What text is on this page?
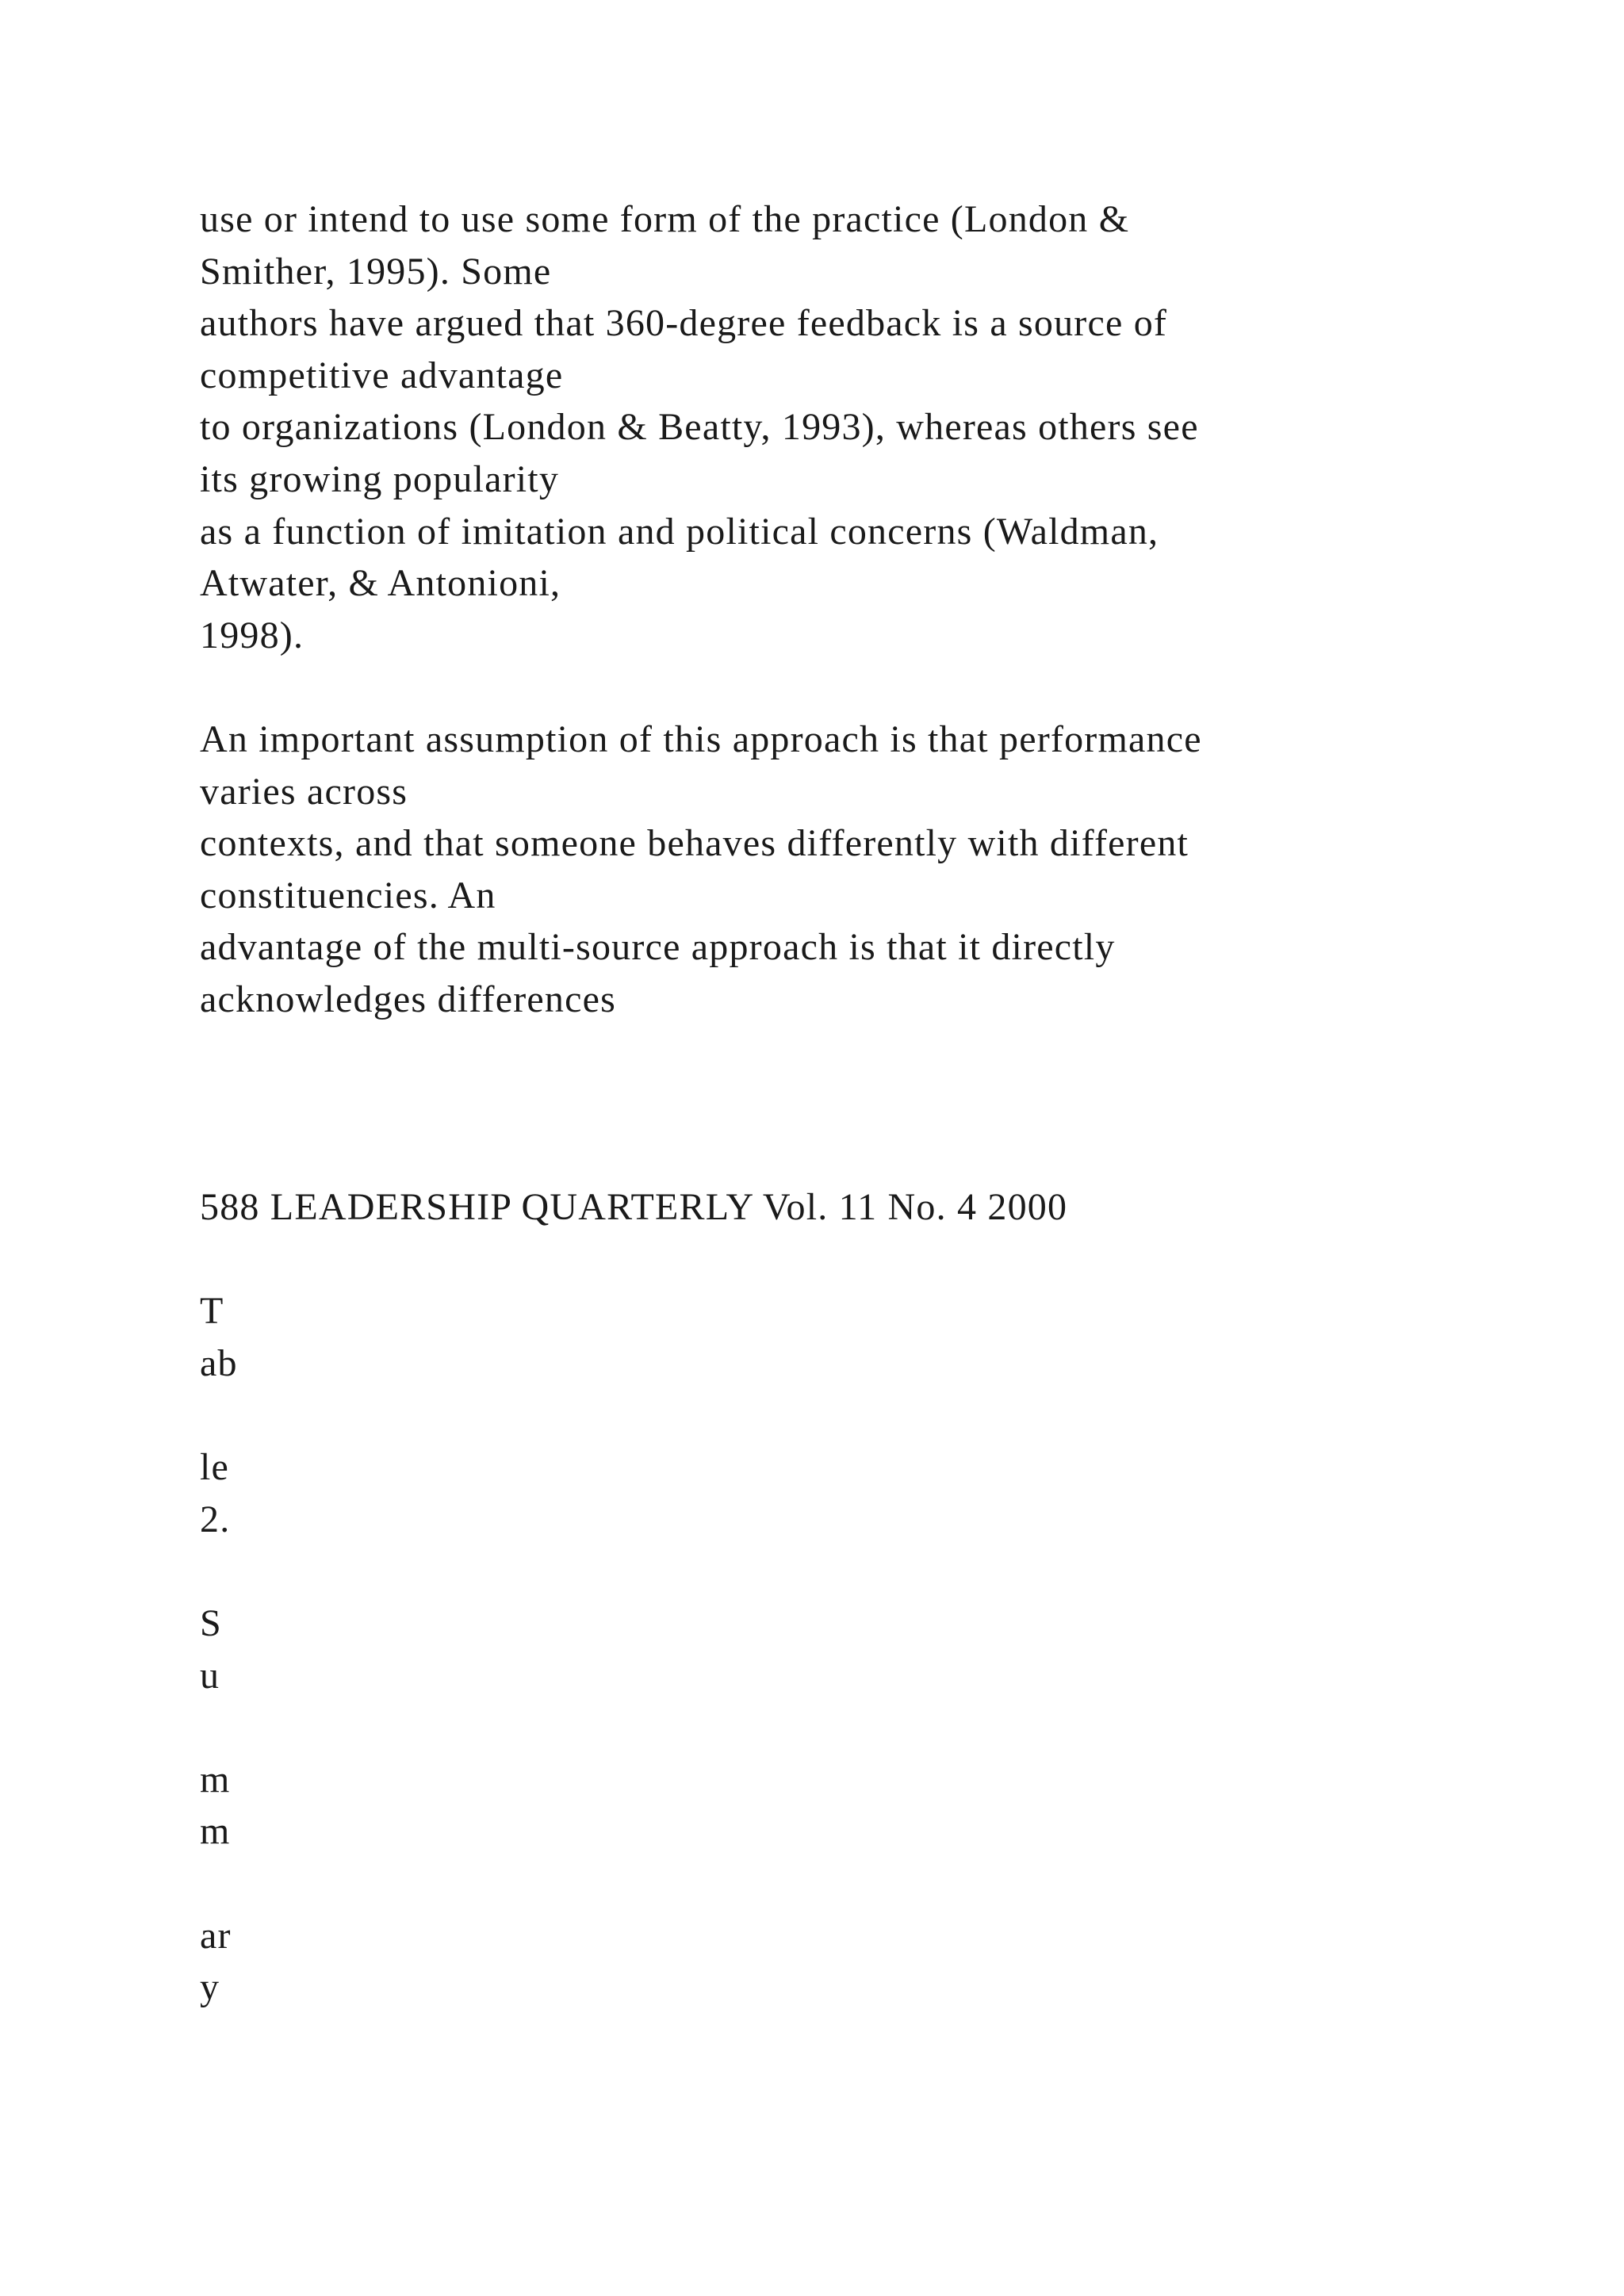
use or intend to use some form of the practice (London &
Smither, 1995). Some
authors have argued that 360-degree feedback is a source of
competitive advantage
to organizations (London & Beatty, 1993), whereas others see
its growing popularity
as a function of imitation and political concerns (Waldman,
Atwater, & Antonioni,
1998).
An important assumption of this approach is that performance
varies across
contexts, and that someone behaves differently with different
constituencies. An
advantage of the multi-source approach is that it directly
acknowledges differences
588 LEADERSHIP QUARTERLY Vol. 11 No. 4 2000
T
ab
le
2.
S
u
m
m
ar
y
